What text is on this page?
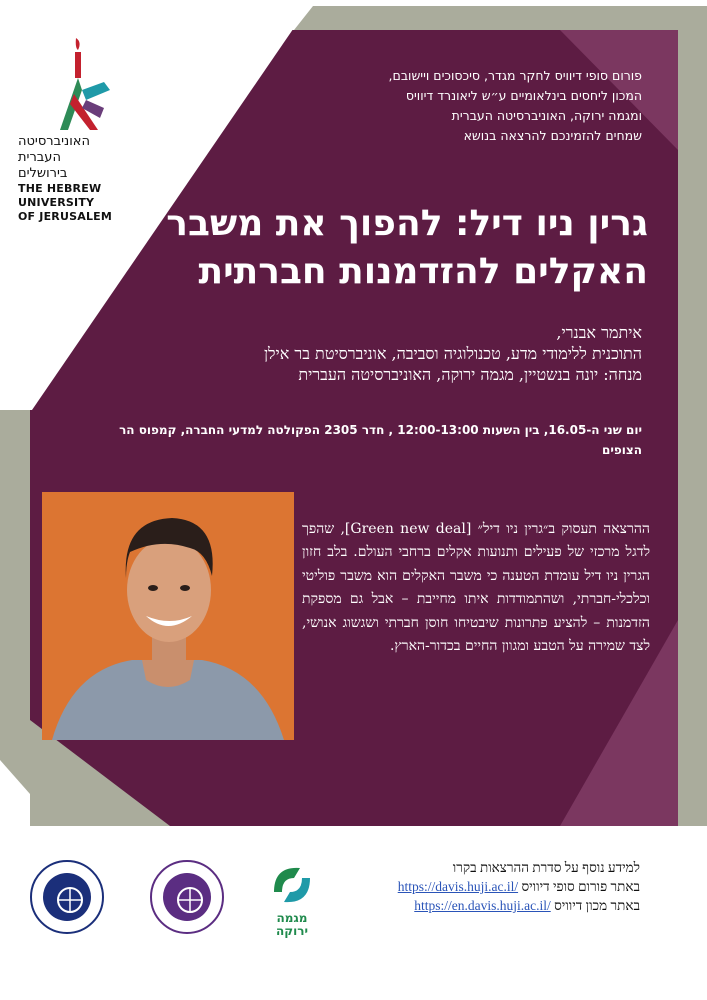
האוניברסיטה
העברית
בירושלים
THE HEBREW
UNIVERSITY
OF JERUSALEM
פורום סופי דיוויס לחקר מגדר, סיכסוכים ויישובם,
המכון ליחסים בינלאומיים ע״ש ליאונרד דיוויס
ומגמה ירוקה, האוניברסיטה העברית
שמחים להזמינכם להרצאה בנושא
גרין ניו דיל: להפוך את משבר
האקלים להזדמנות חברתית
איתמר אבנרי,
התוכנית ללימודי מדע, טכנולוגיה וסביבה, אוניברסיטת בר אילן
מנחה: יונה בנשטיין, מגמה ירוקה, האוניברסיטה העברית
יום שני ה-16.05, בין השעות 12:00-13:00 , חדר 2305 הפקולטה למדעי החברה, קמפוס הר הצופים
ההרצאה תעסוק ב״גרין ניו דיל״ [Green new deal], שהפך לדגל מרכזי של פעילים ותנועות אקלים ברחבי העולם. בלב חזון הגרין ניו דיל עומדת הטענה כי משבר האקלים הוא משבר פוליטי וכלכלי-חברתי, ושהתמודדות איתו מחייבת – אבל גם מספקת הזדמנות – להציע פתרונות שיבטיחו חוסן חברתי ושגשוג אנושי, לצד שמירה על הטבע ומגוון החיים בכדור-הארץ.
מגמה
ירוקה
למידע נוסף על סדרת ההרצאות בקרו
באתר פורום סופי דיוויס https://davis.huji.ac.il/
באתר מכון דיוויס https://en.davis.huji.ac.il/
